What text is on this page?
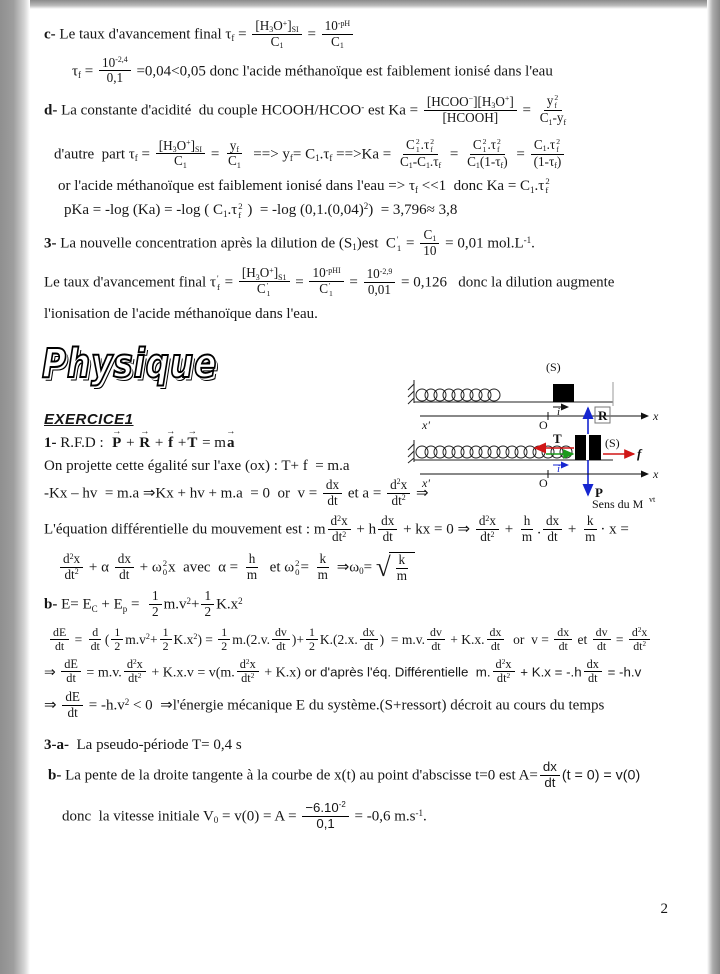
c- Le taux d'avancement final $\tau_f = \frac{[H_3O^+]_{SI}}{C_1} = \frac{10^{-pH}}{C_1}$
$\tau_f = \frac{10^{-2,4}}{0,1} =0,04<0,05$ donc l'acide méthanoïque est faiblement ionisé dans l'eau
d- La constante d'acidité  du couple HCOOH/HCOO- est $Ka = \frac{[HCOO^-][H_3O^+]}{\text{[HCOOH]}} = y$ 2
f
$C_1-y_f$
d'autre  part $\tau_f = \frac{[H_3O^+]_{SI}}{C_1} = \frac{y_f}{C_1}$ ==> $y_f= C_1.\tau_f ==>Ka = C$ 2
1 .τ 2
f
$C_1-C_1.\tau_f = C$ 2
1 .τ 2
f
$C_1(1-\tau_f) = C_1.\tau$ 2
f
$(1-\tau_f)$
or l'acide méthanoïque est faiblement ionisé dans $l'eau => \tau_f <<1$  donc $Ka = C_1.\tau$ 2
f
pKa = -log (Ka) = -log ( $C_1.\tau$ 2
f )  = -log $(0,1.(0,04)^2) = 3,796\approx 3,8$
3- La nouvelle concentration après la dilution de $(S_1)est$  C '
$1 = \frac{C_1}{10} = 0,01$ $mol.L^{-1}$.
Le taux d'avancement final τ '
$f = [H_3O^+]_{S1}$
C '
$1 = 10^{-pHI}$
C '
$1 = \frac{10^{-2,9}}{0,01} = 0,126$   donc la dilution augmente
l'ionisation de l'acide méthanoïque dans l'eau.
Physique
EXERCICE1
1- R.F.D :
→
P +
→
R +
→
f +
→
T = m
→
a
On projette cette égalité sur l'axe (ox) : T+ f  = m.a
-Kx – hv  = m.a ⇒Kx + hv + m.a  = 0  or  $v = \frac{dx}{dt}$ et $a = \frac{d^2x}{dt^2}$ ⇒
L'équation différentielle du mouvement est : m $\frac{d^2x}{dt^2} + h \frac{dx}{dt}$ + kx = 0 ⇒ $\frac{d^2x}{dt^2} + \frac{h}{m}$ . $\frac{dx}{dt} + \frac{k}{m} \cdot x$ =
$\frac{d^2x}{dt^2} + \alpha \frac{dx}{dt} + \omega$ 2
0 x  avec  $\alpha = \frac{h}{m}$ et ω 2
$0 = \frac{k}{m}$ $\Rightarrow\omega_0=$ √ $\frac{k}{m}$
b- $E= E_C + E_p = \frac{1}{2} m.v^2+ \frac{1}{2} K.x^2$
$\frac{dE}{dt} = \frac{d}{dt}$ ( $\frac{1}{2} m.v^2+ \frac{1}{2} K.x^2) = \frac{1}{2} m.(2.v$. $\frac{dv}{dt}$ )+ $\frac{1}{2} K.(2.x$. $\frac{dx}{dt}$ )  = m.v. $\frac{dv}{dt} + K.x$. $\frac{dx}{dt}$ or  $v = \frac{dx}{dt}$ et $\frac{dv}{dt} = \frac{d^2x}{dt^2}$
⇒ $\frac{dE}{dt} = m.v$. $\frac{d^2x}{dt^2} + K.x.v = v(m$. $\frac{d^2x}{dt^2} + K.x$) or d'après l'éq. Différentielle  m. $\frac{d^2x}{dt^2} + K.x = -.h \frac{dx}{dt} = -h.v$
⇒ $\frac{dE}{dt} = -h.v^2 < 0$  ⇒l'énergie mécanique E du système.(S+ressort) décroit au cours du temps
3-a-  La pseudo-période T= 0,4 s
b- La pente de la droite tangente à la courbe de x(t) au point d'abscisse t=0 est $A= \frac{dx}{dt} (t = 0) = v(0)$
donc  la vitesse initiale $V_0 = v(0) = A = \frac{-6.10^{-2}}{0,1} = -0,6$ $m.s^{-1}$.
(S)
x'	O
i	x
(S)
R
T
f
P
x'	O
i	x
Sens du M vt
2
